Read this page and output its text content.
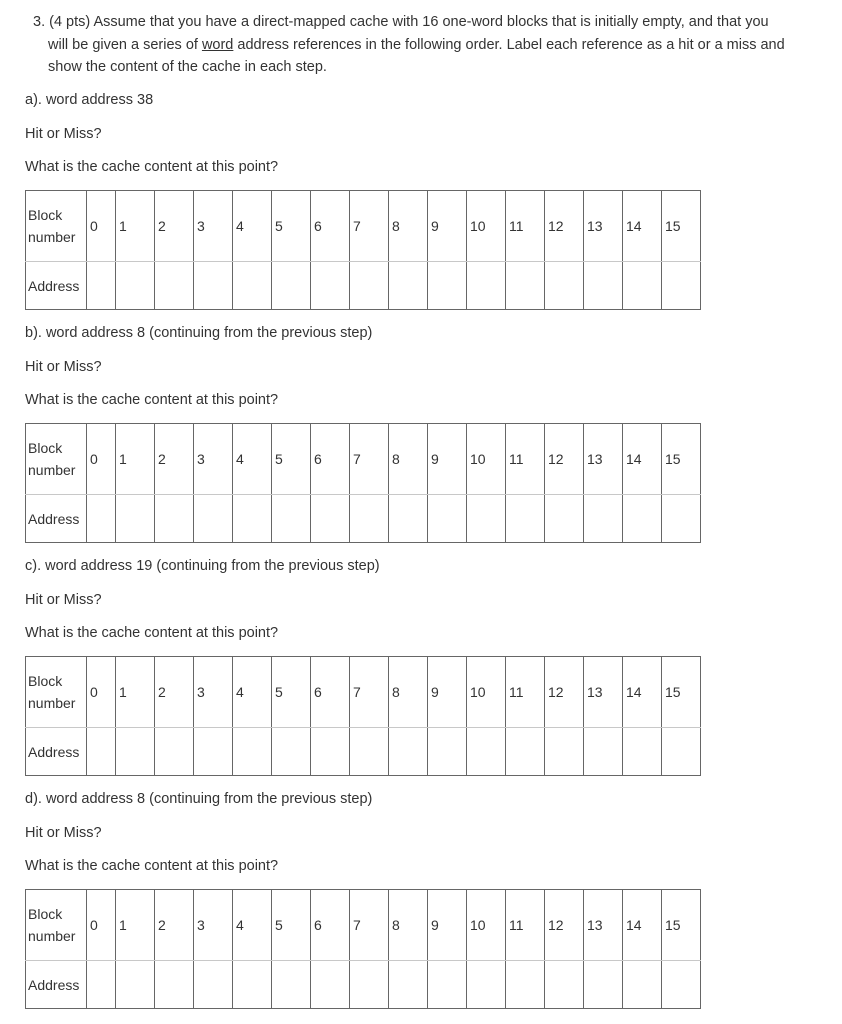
3. (4 pts) Assume that you have a direct-mapped cache with 16 one-word blocks that is initially empty, and that you
will be given a series of word address references in the following order. Label each reference as a hit or a miss and
show the content of the cache in each step.
a). word address 38
Hit or Miss?
What is the cache content at this point?
Block
number	0	1	2	3	4	5	6	7	8	9	10	11	12	13	14	15
Address																
b). word address 8 (continuing from the previous step)
Hit or Miss?
What is the cache content at this point?
Block
number	0	1	2	3	4	5	6	7	8	9	10	11	12	13	14	15
Address																
c). word address 19 (continuing from the previous step)
Hit or Miss?
What is the cache content at this point?
Block
number	0	1	2	3	4	5	6	7	8	9	10	11	12	13	14	15
Address																
d). word address 8 (continuing from the previous step)
Hit or Miss?
What is the cache content at this point?
Block
number	0	1	2	3	4	5	6	7	8	9	10	11	12	13	14	15
Address																
